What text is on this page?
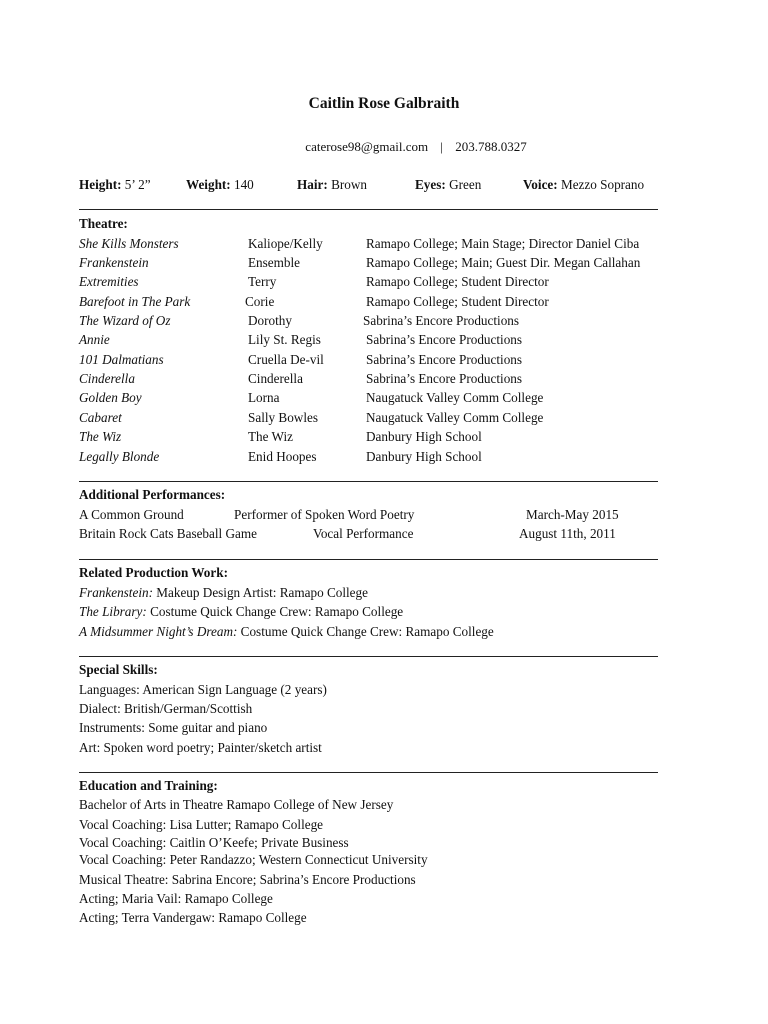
Caitlin Rose Galbraith
caterose98@gmail.com | 203.788.0327
Height: 5’ 2”	Weight: 140	Hair: Brown	Eyes: Green	Voice: Mezzo Soprano
Theatre:
She Kills Monsters	Kaliope/Kelly	Ramapo College; Main Stage; Director Daniel Ciba
Frankenstein	Ensemble	Ramapo College; Main; Guest Dir. Megan Callahan
Extremities	Terry	Ramapo College; Student Director
Barefoot in The Park	Corie	Ramapo College; Student Director
The Wizard of Oz	Dorothy	Sabrina’s Encore Productions
Annie	Lily St. Regis	Sabrina’s Encore Productions
101 Dalmatians	Cruella De-vil	Sabrina’s Encore Productions
Cinderella	Cinderella	Sabrina’s Encore Productions
Golden Boy	Lorna	Naugatuck Valley Comm College
Cabaret	Sally Bowles	Naugatuck Valley Comm College
The Wiz	The Wiz	Danbury High School
Legally Blonde	Enid Hoopes	Danbury High School
Additional Performances:
A Common Ground	Performer of Spoken Word Poetry	March-May 2015
Britain Rock Cats Baseball Game	Vocal Performance	August 11th, 2011
Related Production Work:
Frankenstein: Makeup Design Artist: Ramapo College
The Library: Costume Quick Change Crew: Ramapo College
A Midsummer Night’s Dream: Costume Quick Change Crew: Ramapo College
Special Skills:
Languages: American Sign Language (2 years)
Dialect: British/German/Scottish
Instruments: Some guitar and piano
Art: Spoken word poetry; Painter/sketch artist
Education and Training:
Bachelor of Arts in Theatre Ramapo College of New Jersey
Vocal Coaching: Lisa Lutter; Ramapo College
Vocal Coaching: Caitlin O’Keefe; Private Business
Vocal Coaching: Peter Randazzo; Western Connecticut University
Musical Theatre: Sabrina Encore; Sabrina’s Encore Productions
Acting; Maria Vail: Ramapo College
Acting; Terra Vandergaw: Ramapo College
